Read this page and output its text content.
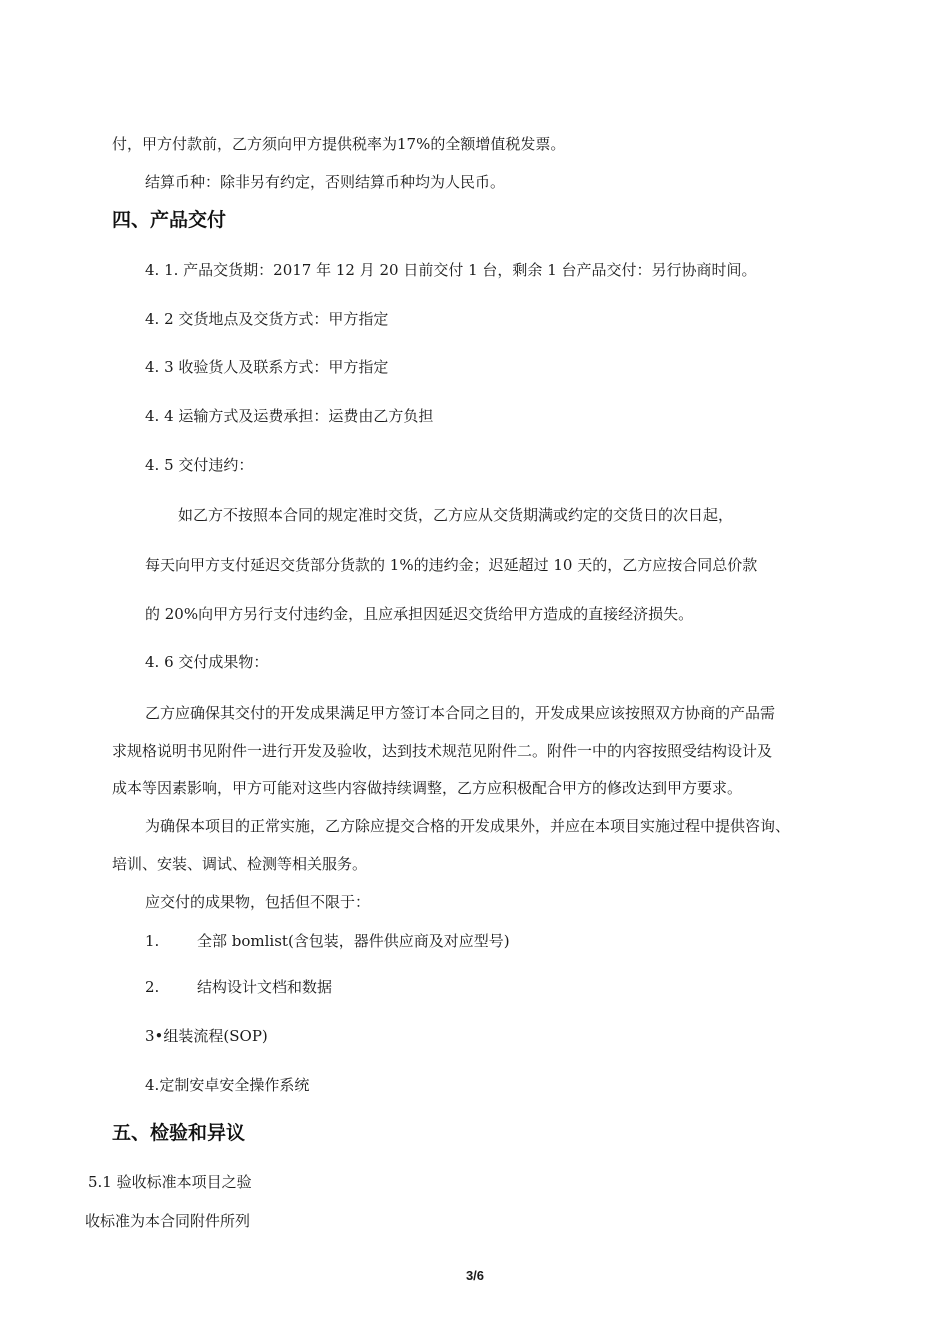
付，甲方付款前，乙方须向甲方提供税率为17%的全额增值税发票。
结算币种：除非另有约定，否则结算币种均为人民币。
四、产品交付
4. 1. 产品交货期：2017 年 12 月 20 日前交付 1 台，剩余 1 台产品交付：另行协商时间。
4. 2 交货地点及交货方式：甲方指定
4. 3 收验货人及联系方式：甲方指定
4. 4 运输方式及运费承担：运费由乙方负担
4. 5 交付违约：
如乙方不按照本合同的规定准时交货，乙方应从交货期满或约定的交货日的次日起，
每天向甲方支付延迟交货部分货款的 1%的违约金；迟延超过 10 天的，乙方应按合同总价款
的 20%向甲方另行支付违约金，且应承担因延迟交货给甲方造成的直接经济损失。
4. 6 交付成果物：
乙方应确保其交付的开发成果满足甲方签订本合同之目的，开发成果应该按照双方协商的产品需
求规格说明书见附件一进行开发及验收，达到技术规范见附件二。附件一中的内容按照受结构设计及
成本等因素影响，甲方可能对这些内容做持续调整，乙方应积极配合甲方的修改达到甲方要求。
为确保本项目的正常实施，乙方除应提交合格的开发成果外，并应在本项目实施过程中提供咨询、
培训、安装、调试、检测等相关服务。
应交付的成果物，包括但不限于：
1.	全部 bomlist(含包装，器件供应商及对应型号)
2.	结构设计文档和数据
3•组装流程(SOP)
4.定制安卓安全操作系统
五、检验和异议
5.1 验收标准本项目之验
收标准为本合同附件所列
3/6
